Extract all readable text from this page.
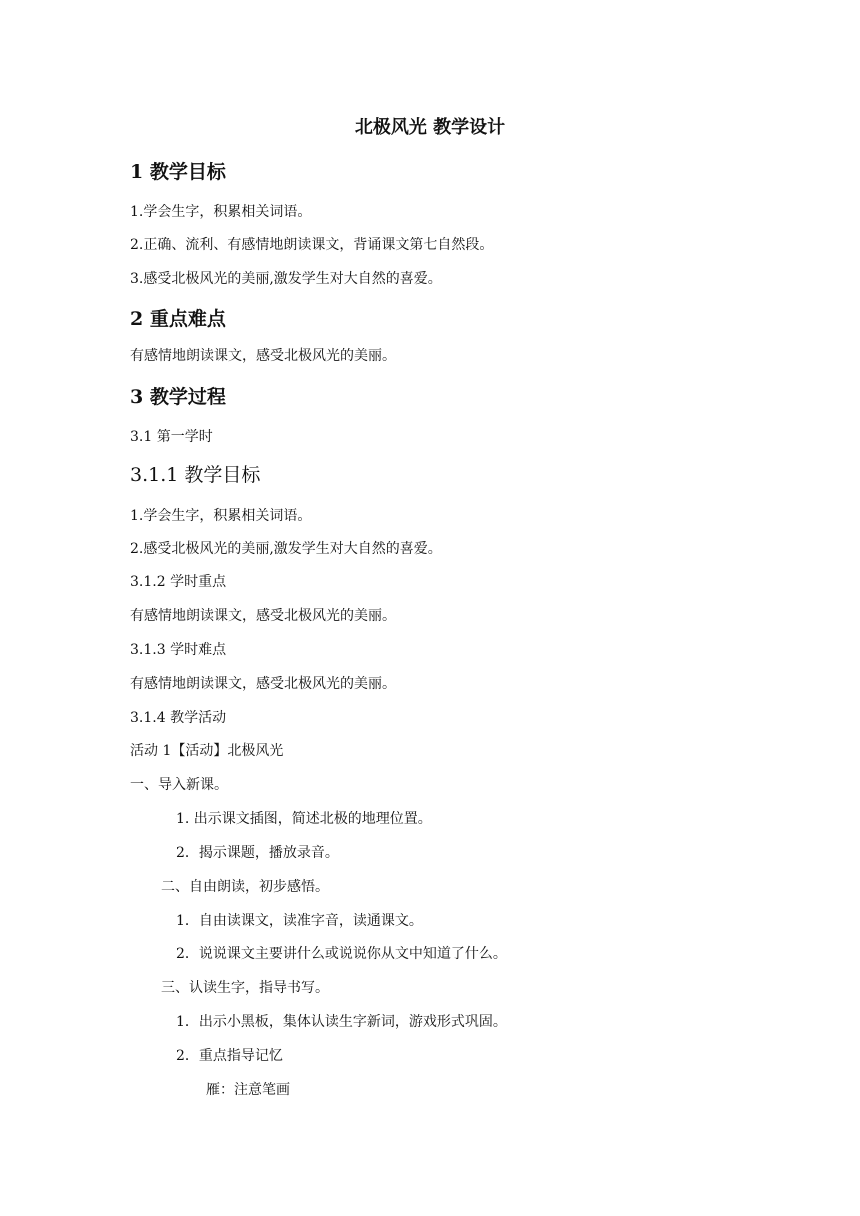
北极风光 教学设计
1 教学目标
1.学会生字，积累相关词语。
2.正确、流利、有感情地朗读课文，背诵课文第七自然段。
3.感受北极风光的美丽,激发学生对大自然的喜爱。
2 重点难点
有感情地朗读课文，感受北极风光的美丽。
3 教学过程
3.1 第一学时
3.1.1 教学目标
1.学会生字，积累相关词语。
2.感受北极风光的美丽,激发学生对大自然的喜爱。
3.1.2 学时重点
有感情地朗读课文，感受北极风光的美丽。
3.1.3 学时难点
有感情地朗读课文，感受北极风光的美丽。
3.1.4 教学活动
活动 1【活动】北极风光
一、导入新课。
1. 出示课文插图，简述北极的地理位置。
2．揭示课题，播放录音。
二、自由朗读，初步感悟。
1．自由读课文，读准字音，读通课文。
2．说说课文主要讲什么或说说你从文中知道了什么。
三、认读生字，指导书写。
1．出示小黑板，集体认读生字新词，游戏形式巩固。
2．重点指导记忆
雁：注意笔画
